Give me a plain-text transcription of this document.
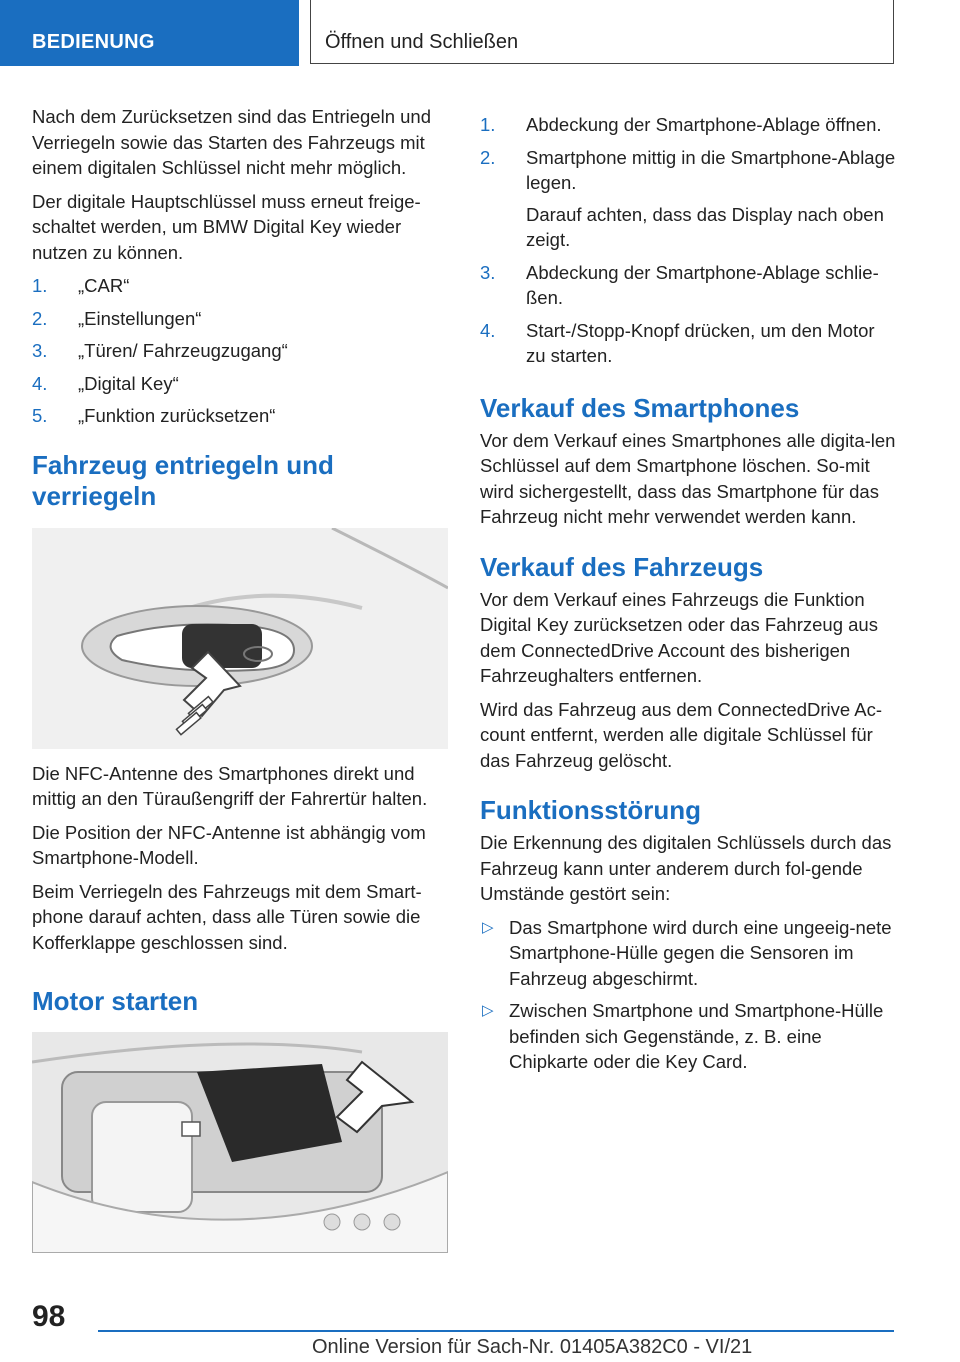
BEDIENUNG	Öffnen und Schließen

Nach dem Zurücksetzen sind das Entriegeln und Verriegeln sowie das Starten des Fahrzeugs mit einem digitalen Schlüssel nicht mehr möglich.

Der digitale Hauptschlüssel muss erneut freige-schaltet werden, um BMW Digital Key wieder nutzen zu können.

1. „CAR“
2. „Einstellungen“
3. „Türen/ Fahrzeugzugang“
4. „Digital Key“
5. „Funktion zurücksetzen“
Fahrzeug entriegeln und verriegeln

Die NFC-Antenne des Smartphones direkt und mittig an den Türaußengriff der Fahrertür halten.

Die Position der NFC-Antenne ist abhängig vom Smartphone-Modell.

Beim Verriegeln des Fahrzeugs mit dem Smart-phone darauf achten, dass alle Türen sowie die Kofferklappe geschlossen sind.

Motor starten
1. Abdeckung der Smartphone-Ablage öffnen.
2. Smartphone mittig in die Smartphone-Ablage legen.
Darauf achten, dass das Display nach oben zeigt.
3. Abdeckung der Smartphone-Ablage schlie-ßen.
4. Start-/Stopp-Knopf drücken, um den Motor zu starten.
Verkauf des Smartphones

Vor dem Verkauf eines Smartphones alle digita-len Schlüssel auf dem Smartphone löschen. So-mit wird sichergestellt, dass das Smartphone für das Fahrzeug nicht mehr verwendet werden kann.

Verkauf des Fahrzeugs

Vor dem Verkauf eines Fahrzeugs die Funktion Digital Key zurücksetzen oder das Fahrzeug aus dem ConnectedDrive Account des bisherigen Fahrzeughalters entfernen.

Wird das Fahrzeug aus dem ConnectedDrive Ac-count entfernt, werden alle digitale Schlüssel für das Fahrzeug gelöscht.

Funktionsstörung

Die Erkennung des digitalen Schlüssels durch das Fahrzeug kann unter anderem durch fol-gende Umstände gestört sein:

▷ Das Smartphone wird durch eine ungeeig-nete Smartphone-Hülle gegen die Sensoren im Fahrzeug abgeschirmt.
▷ Zwischen Smartphone und Smartphone-Hülle befinden sich Gegenstände, z. B. eine Chipkarte oder die Key Card.
98
Online Version für Sach-Nr. 01405A382C0 - VI/21
